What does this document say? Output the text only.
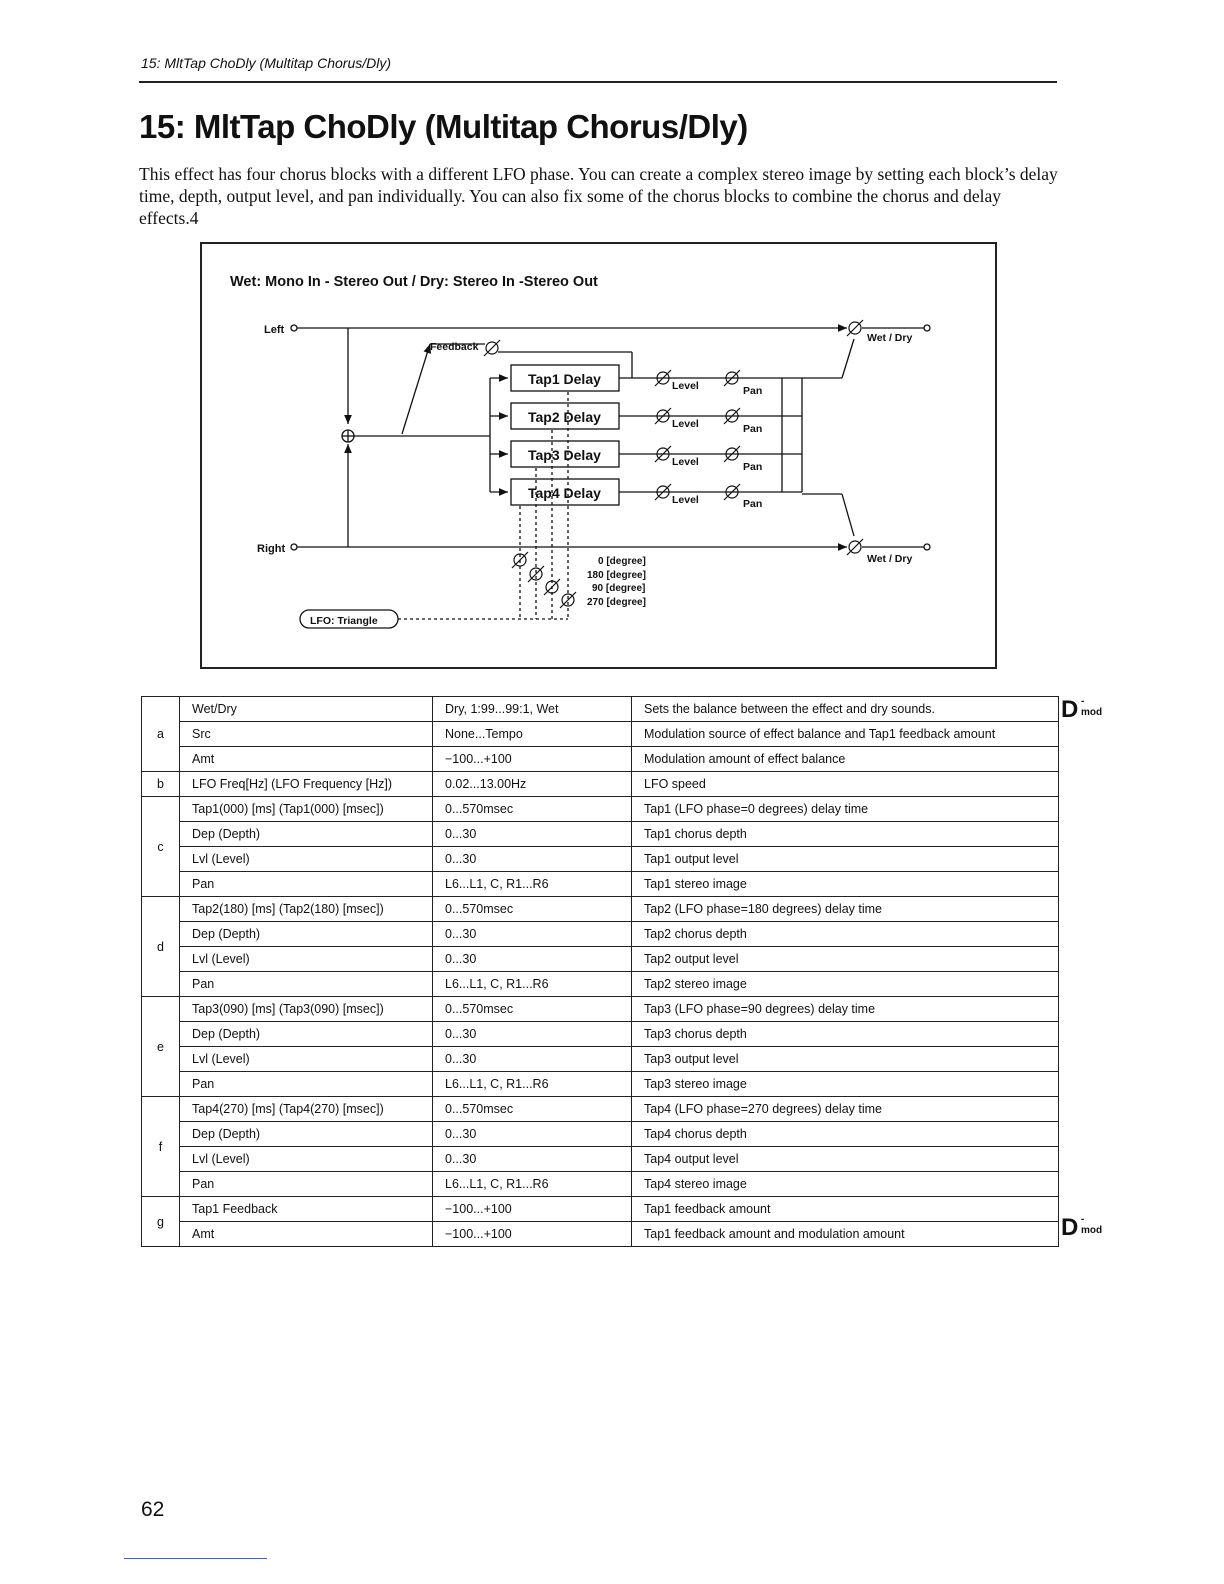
15: MltTap ChoDly (Multitap Chorus/Dly)
15: MltTap ChoDly (Multitap Chorus/Dly)
This effect has four chorus blocks with a different LFO phase. You can create a complex stereo image by setting each block’s delay time, depth, output level, and pan individually. You can also fix some of the chorus blocks to combine the chorus and delay effects.4
Wet: Mono In - Stereo Out / Dry: Stereo In -Stereo Out
Left
Right
Feedback
Wet / Dry
Wet / Dry
Tap1 Delay
Tap2 Delay
Tap3 Delay
Tap4 Delay
Level
Level
Level
Level
Pan
Pan
Pan
Pan
0 [degree]
180 [degree]
90 [degree]
270 [degree]
LFO: Triangle
a	Wet/Dry	Dry, 1:99...99:1, Wet	Sets the balance between the effect and dry sounds.
	Src	None...Tempo	Modulation source of effect balance and Tap1 feedback amount
	Amt	−100...+100	Modulation amount of effect balance
b	LFO Freq[Hz] (LFO Frequency [Hz])	0.02...13.00Hz	LFO speed
c	Tap1(000) [ms] (Tap1(000) [msec])	0...570msec	Tap1 (LFO phase=0 degrees) delay time
	Dep (Depth)	0...30	Tap1 chorus depth
	Lvl (Level)	0...30	Tap1 output level
	Pan	L6...L1, C, R1...R6	Tap1 stereo image
d	Tap2(180) [ms] (Tap2(180) [msec])	0...570msec	Tap2 (LFO phase=180 degrees) delay time
	Dep (Depth)	0...30	Tap2 chorus depth
	Lvl (Level)	0...30	Tap2 output level
	Pan	L6...L1, C, R1...R6	Tap2 stereo image
e	Tap3(090) [ms] (Tap3(090) [msec])	0...570msec	Tap3 (LFO phase=90 degrees) delay time
	Dep (Depth)	0...30	Tap3 chorus depth
	Lvl (Level)	0...30	Tap3 output level
	Pan	L6...L1, C, R1...R6	Tap3 stereo image
f	Tap4(270) [ms] (Tap4(270) [msec])	0...570msec	Tap4 (LFO phase=270 degrees) delay time
	Dep (Depth)	0...30	Tap4 chorus depth
	Lvl (Level)	0...30	Tap4 output level
	Pan	L6...L1, C, R1...R6	Tap4 stereo image
g	Tap1 Feedback	−100...+100	Tap1 feedback amount
	Amt	−100...+100	Tap1 feedback amount and modulation amount
D -mod
D -mod
62
